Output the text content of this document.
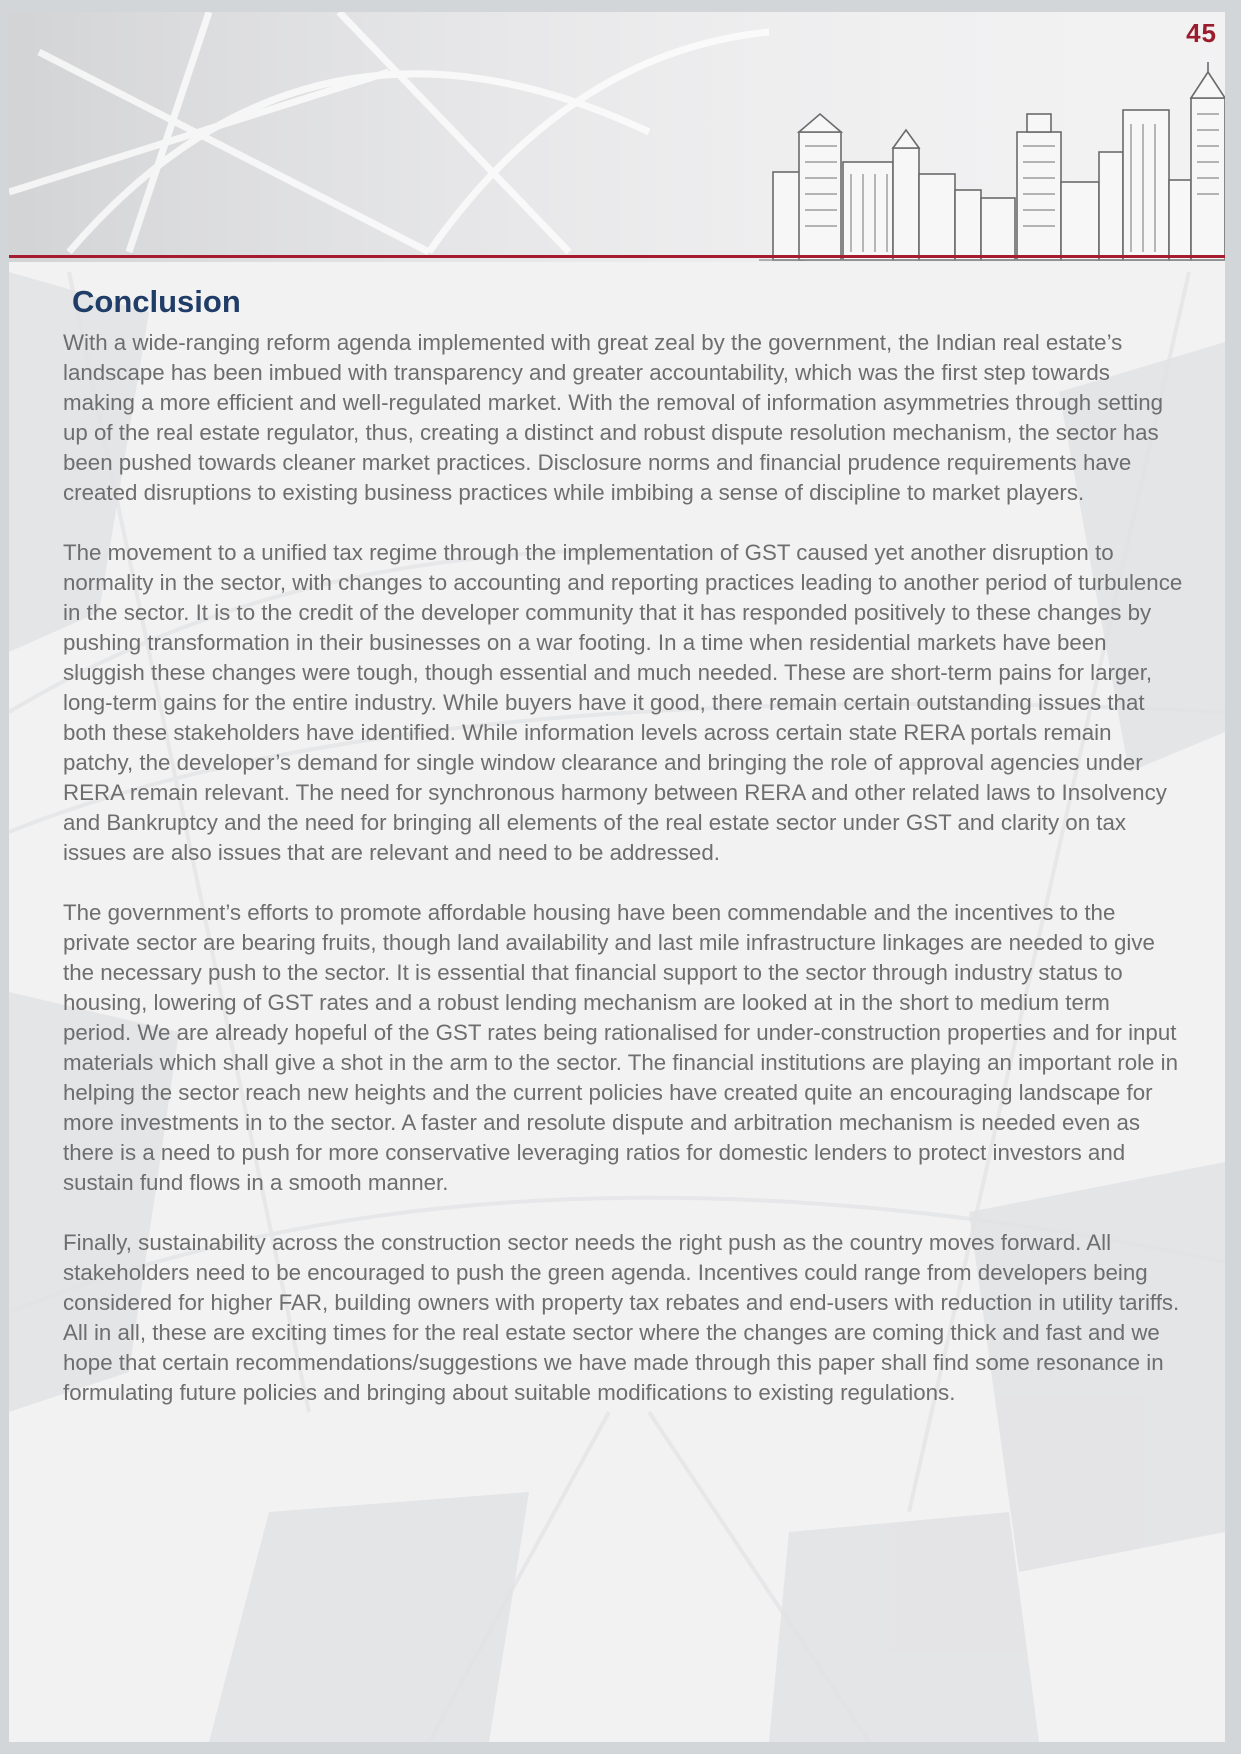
45
Conclusion

With a wide-ranging reform agenda implemented with great zeal by the government, the Indian real estate’s landscape has been imbued with transparency and greater accountability, which was the first step towards making a more efficient and well-regulated market. With the removal of information asymmetries through setting up of the real estate regulator, thus, creating a distinct and robust dispute resolution mechanism, the sector has been pushed towards cleaner market practices. Disclosure norms and financial prudence requirements have created disruptions to existing business practices while imbibing a sense of discipline to market players.

The movement to a unified tax regime through the implementation of GST caused yet another disruption to normality in the sector, with changes to accounting and reporting practices leading to another period of turbulence in the sector. It is to the credit of the developer community that it has responded positively to these changes by pushing transformation in their businesses on a war footing. In a time when residential markets have been sluggish these changes were tough, though essential and much needed. These are short-term pains for larger, long-term gains for the entire industry. While buyers have it good, there remain certain outstanding issues that both these stakeholders have identified. While information levels across certain state RERA portals remain patchy, the developer’s demand for single window clearance and bringing the role of approval agencies under RERA remain relevant. The need for synchronous harmony between RERA and other related laws to Insolvency and Bankruptcy and the need for bringing all elements of the real estate sector under GST and clarity on tax issues are also issues that are relevant and need to be addressed.

The government’s efforts to promote affordable housing have been commendable and the incentives to the private sector are bearing fruits, though land availability and last mile infrastructure linkages are needed to give the necessary push to the sector. It is essential that financial support to the sector through industry status to housing, lowering of GST rates and a robust lending mechanism are looked at in the short to medium term period. We are already hopeful of the GST rates being rationalised for under-construction properties and for input materials which shall give a shot in the arm to the sector. The financial institutions are playing an important role in helping the sector reach new heights and the current policies have created quite an encouraging landscape for more investments in to the sector. A faster and resolute dispute and arbitration mechanism is needed even as there is a need to push for more conservative leveraging ratios for domestic lenders to protect investors and sustain fund flows in a smooth manner.

Finally, sustainability across the construction sector needs the right push as the country moves forward. All stakeholders need to be encouraged to push the green agenda. Incentives could range from developers being considered for higher FAR, building owners with property tax rebates and end-users with reduction in utility tariffs.

All in all, these are exciting times for the real estate sector where the changes are coming thick and fast and we hope that certain recommendations/suggestions we have made through this paper shall find some resonance in formulating future policies and bringing about suitable modifications to existing regulations.
